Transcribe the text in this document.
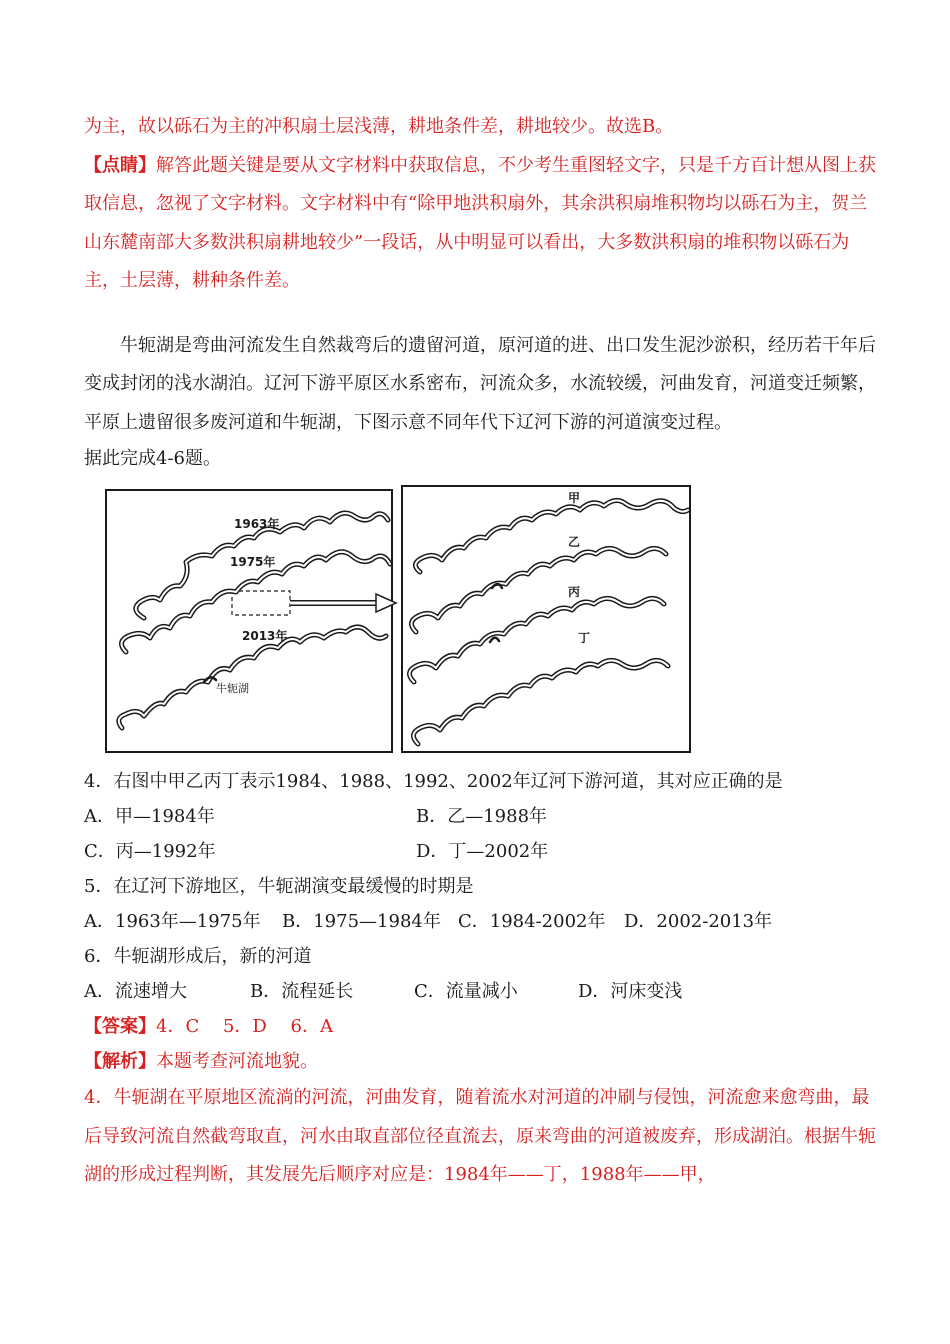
为主，故以砾石为主的冲积扇土层浅薄，耕地条件差，耕地较少。故选B。
【点睛】解答此题关键是要从文字材料中获取信息，不少考生重图轻文字，只是千方百计想从图上获取信息，忽视了文字材料。文字材料中有“除甲地洪积扇外，其余洪积扇堆积物均以砾石为主，贺兰山东麓南部大多数洪积扇耕地较少”一段话，从中明显可以看出，大多数洪积扇的堆积物以砾石为主，土层薄，耕种条件差。
牛轭湖是弯曲河流发生自然裁弯后的遗留河道，原河道的进、出口发生泥沙淤积，经历若干年后变成封闭的浅水湖泊。辽河下游平原区水系密布，河流众多，水流较缓，河曲发育，河道变迁频繁，平原上遗留很多废河道和牛轭湖，下图示意不同年代下辽河下游的河道演变过程。
据此完成4-6题。
1963年
1975年
2013年
牛轭湖
甲
乙
丙
丁
4．右图中甲乙丙丁表示1984、1988、1992、2002年辽河下游河道，其对应正确的是
A．甲—1984年	B．乙—1988年
C．丙—1992年	D．丁—2002年
5．在辽河下游地区，牛轭湖演变最缓慢的时期是
A．1963年—1975年	B．1975—1984年 C．1984-2002年	D．2002-2013年
6．牛轭湖形成后，新的河道
A．流速增大	B．流程延长	C．流量减小	D．河床变浅
【答案】4．C　 5．D　 6．A
【解析】本题考查河流地貌。
4．牛轭湖在平原地区流淌的河流，河曲发育，随着流水对河道的冲刷与侵蚀，河流愈来愈弯曲，最后导致河流自然截弯取直，河水由取直部位径直流去，原来弯曲的河道被废弃，形成湖泊。根据牛轭湖的形成过程判断，其发展先后顺序对应是：1984年——丁，1988年——甲，
